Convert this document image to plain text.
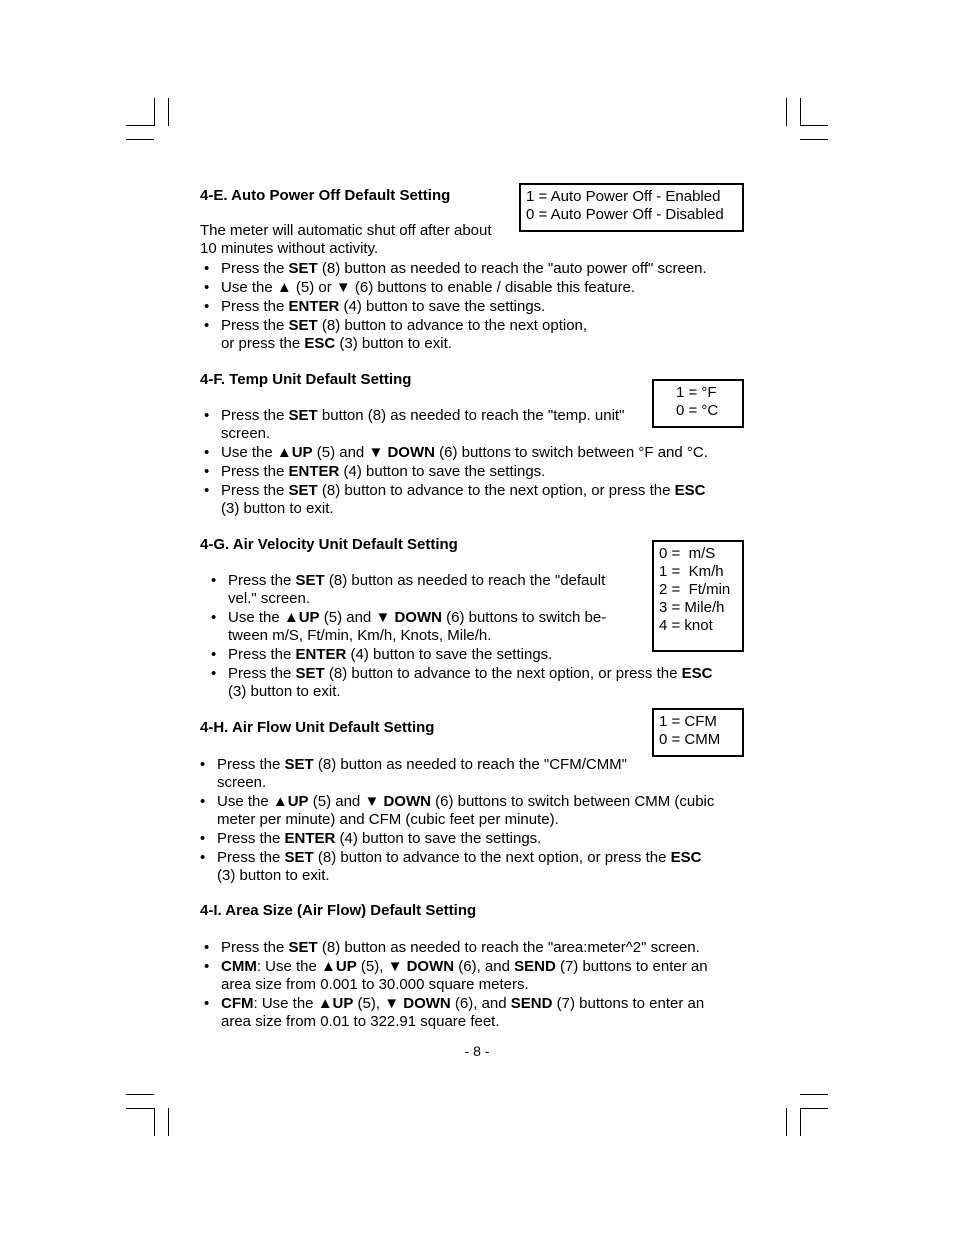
4-E. Auto Power Off Default Setting	1 = Auto Power Off - Enabled
0 = Auto Power Off - Disabled

The meter will automatic shut off after about
10 minutes without activity.

• Press the SET (8) button as needed to reach the "auto power off" screen.
• Use the ▲ (5) or ▼ (6) buttons to enable / disable this feature.
• Press the ENTER (4) button to save the settings.
• Press the SET (8) button to advance to the next option,
or press the ESC (3) button to exit.
4-F. Temp Unit Default Setting
1 = °F
0 = °C
• Press the SET button (8) as needed to reach the "temp. unit"
screen.
• Use the ▲UP (5) and ▼ DOWN (6) buttons to switch between °F and °C.
• Press the ENTER (4) button to save the settings.
• Press the SET (8) button to advance to the next option, or press the ESC
(3) button to exit.
4-G. Air Velocity Unit Default Setting
0 =  m/S
1 =  Km/h
2 =  Ft/min
3 = Mile/h
4 = knot
• Press the SET (8) button as needed to reach the "default
vel." screen.
• Use the ▲UP (5) and ▼ DOWN (6) buttons to switch be-
tween m/S, Ft/min, Km/h, Knots, Mile/h.
• Press the ENTER (4) button to save the settings.
• Press the SET (8) button to advance to the next option, or press the ESC
(3) button to exit.
4-H. Air Flow Unit Default Setting	1 = CFM
0 = CMM
• Press the SET (8) button as needed to reach the "CFM/CMM"
screen.
• Use the ▲UP (5) and ▼ DOWN (6) buttons to switch between CMM (cubic
meter per minute) and CFM (cubic feet per minute).
• Press the ENTER (4) button to save the settings.
• Press the SET (8) button to advance to the next option, or press the ESC
(3) button to exit.
4-I. Area Size (Air Flow) Default Setting
• Press the SET (8) button as needed to reach the "area:meter^2" screen.
• CMM: Use the ▲UP (5), ▼ DOWN (6), and SEND (7) buttons to enter an
area size from 0.001 to 30.000 square meters.
• CFM: Use the ▲UP (5), ▼ DOWN (6), and SEND (7) buttons to enter an
area size from 0.01 to 322.91 square feet.
- 8 -
